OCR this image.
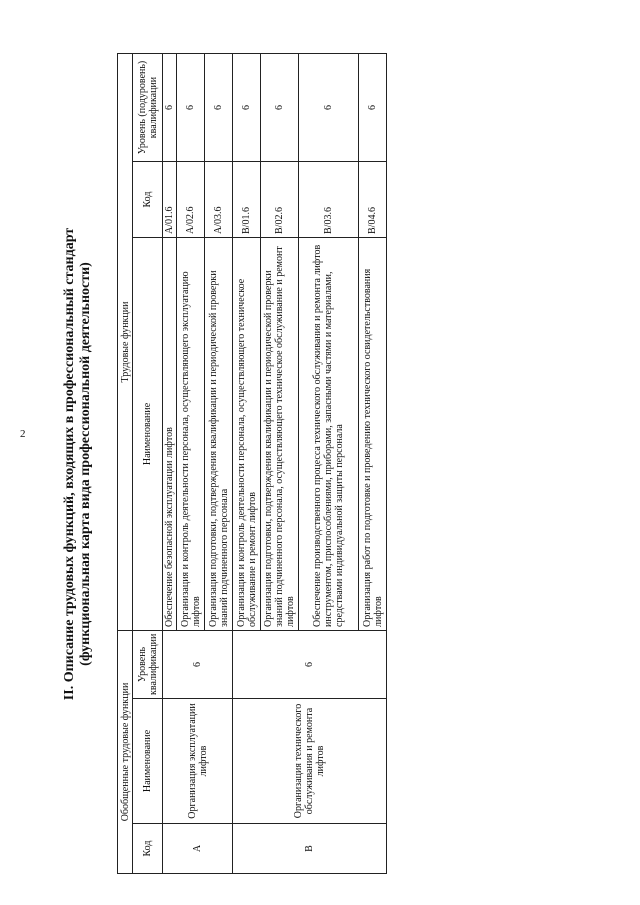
2	II. Описание трудовых функций, входящих в профессиональный стандарт (функциональная карта вида профессиональной деятельности)
Обобщенные трудовые функции			Трудовые функции		
Код	Наименование	Уровень квалификации	Наименование	Код	Уровень (подуровень) квалификации
A	Организация эксплуатации лифтов	6	Обеспечение безопасной эксплуатации лифтов	A/01.6	6
			Организация и контроль деятельности персонала, осуществляющего эксплуатацию лифтов	A/02.6	6
			Организация подготовки, подтверждения квалификации и периодической проверки знаний подчиненного персонала	A/03.6	6
B	Организация технического обслуживания и ремонта лифтов	6	Организация и контроль деятельности персонала, осуществляющего техническое обслуживание и ремонт лифтов	B/01.6	6
			Организация подготовки, подтверждения квалификации и периодической проверки знаний подчиненного персонала, осуществляющего техническое обслуживание и ремонт лифтов	B/02.6	6
			Обеспечение производственного процесса технического обслуживания и ремонта лифтов инструментом, приспособлениями, приборами, запасными частями и материалами, средствами индивидуальной защиты персонала	B/03.6	6
			Организация работ по подготовке и проведению технического освидетельствования лифтов	B/04.6	6
